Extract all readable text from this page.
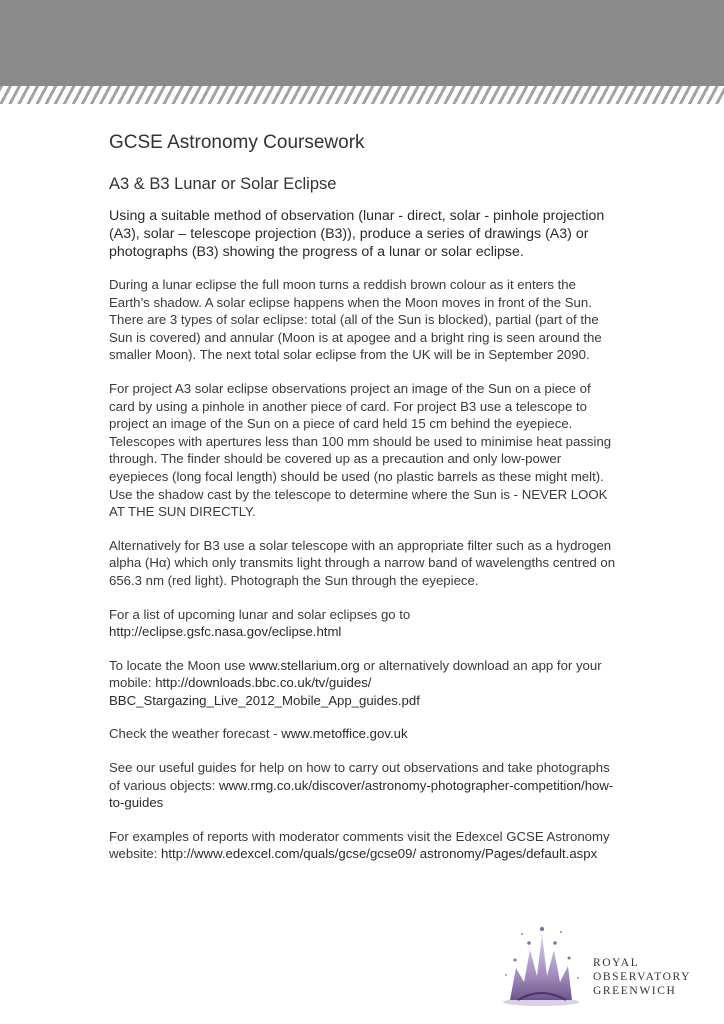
GCSE Astronomy Coursework
A3 & B3 Lunar or Solar Eclipse

Using a suitable method of observation (lunar - direct, solar - pinhole projection (A3), solar – telescope projection (B3)), produce a series of drawings (A3) or photographs (B3) showing the progress of a lunar or solar eclipse.

During a lunar eclipse the full moon turns a reddish brown colour as it enters the Earth’s shadow. A solar eclipse happens when the Moon moves in front of the Sun. There are 3 types of solar eclipse: total (all of the Sun is blocked), partial (part of the Sun is covered) and annular (Moon is at apogee and a bright ring is seen around the smaller Moon). The next total solar eclipse from the UK will be in September 2090.

For project A3 solar eclipse observations project an image of the Sun on a piece of card by using a pinhole in another piece of card. For project B3 use a telescope to project an image of the Sun on a piece of card held 15 cm behind the eyepiece. Telescopes with apertures less than 100 mm should be used to minimise heat passing through. The finder should be covered up as a precaution and only low-power eyepieces (long focal length) should be used (no plastic barrels as these might melt). Use the shadow cast by the telescope to determine where the Sun is - NEVER LOOK AT THE SUN DIRECTLY.

Alternatively for B3 use a solar telescope with an appropriate filter such as a hydrogen alpha (Hα) which only transmits light through a narrow band of wavelengths centred on 656.3 nm (red light). Photograph the Sun through the eyepiece.

For a list of upcoming lunar and solar eclipses go to
http://eclipse.gsfc.nasa.gov/eclipse.html

To locate the Moon use www.stellarium.org or alternatively download an app for your mobile: http://downloads.bbc.co.uk/tv/guides/ BBC_Stargazing_Live_2012_Mobile_App_guides.pdf

Check the weather forecast - www.metoffice.gov.uk

See our useful guides for help on how to carry out observations and take photographs of various objects: www.rmg.co.uk/discover/astronomy-photographer-competition/how-to-guides

For examples of reports with moderator comments visit the Edexcel GCSE Astronomy website: http://www.edexcel.com/quals/gcse/gcse09/ astronomy/Pages/default.aspx

ROYAL
OBSERVATORY
GREENWICH
